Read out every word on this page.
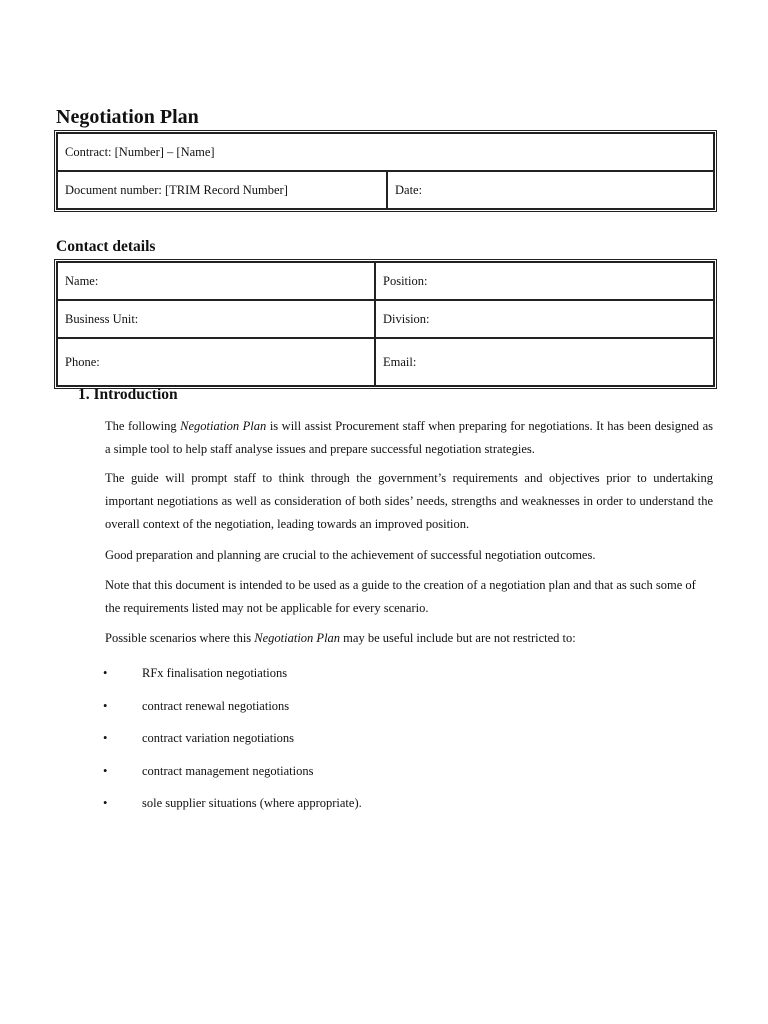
Negotiation Plan
Contract: [Number] – [Name]
Document number: [TRIM Record Number]	Date:
Contact details
Name:	Position:
Business Unit:	Division:
Phone:	Email:
1. Introduction

The following Negotiation Plan is will assist Procurement staff when preparing for negotiations. It has been designed as a simple tool to help staff analyse issues and prepare successful negotiation strategies.

The guide will prompt staff to think through the government’s requirements and objectives prior to undertaking important negotiations as well as consideration of both sides’ needs, strengths and weaknesses in order to understand the overall context of the negotiation, leading towards an improved position.

Good preparation and planning are crucial to the achievement of successful negotiation outcomes.

Note that this document is intended to be used as a guide to the creation of a negotiation plan and that as such some of the requirements listed may not be applicable for every scenario.

Possible scenarios where this Negotiation Plan may be useful include but are not restricted to:

•	RFx finalisation negotiations
•	contract renewal negotiations
•	contract variation negotiations
•	contract management negotiations
•	sole supplier situations (where appropriate).
